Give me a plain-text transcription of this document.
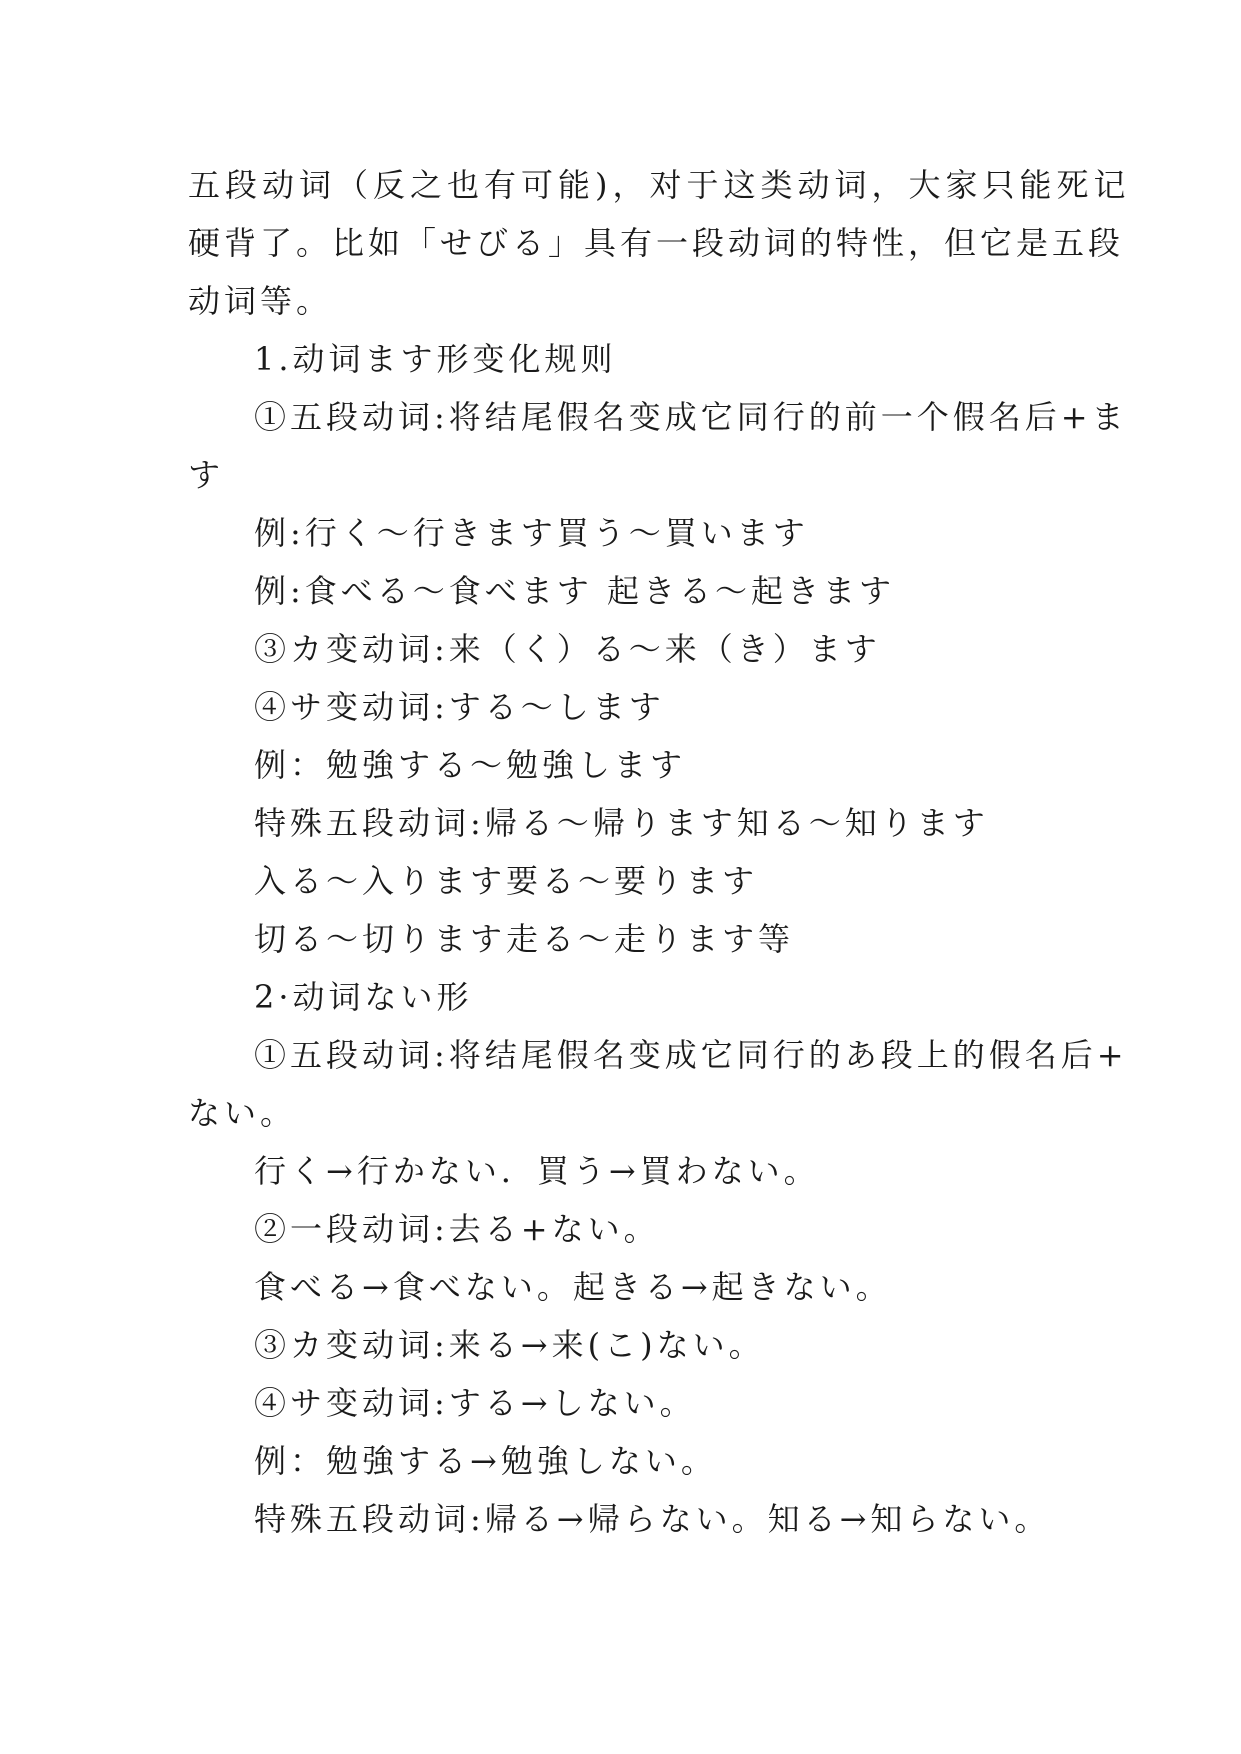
五段动词（反之也有可能)，对于这类动词，大家只能死记
硬背了。比如「せびる」具有一段动词的特性，但它是五段
动词等。
1.动词ます形变化规则
①五段动词:将结尾假名变成它同行的前一个假名后+ま
す
例:行く～行きます買う～買います
例:食べる～食べます 起きる～起きます
③カ变动词:来（く）る～来（き）ます
④サ变动词:する～します
例：勉強する～勉強します
特殊五段动词:帰る～帰ります知る～知ります
入る～入ります要る～要ります
切る～切ります走る～走ります等
2·动词ない形
①五段动词:将结尾假名变成它同行的あ段上的假名后+
ない。
行く→行かない．買う→買わない。
②一段动词:去る+ない。
食べる→食べない。起きる→起きない。
③カ变动词:来る→来(こ)ない。
④サ变动词:する→しない。
例：勉強する→勉強しない。
特殊五段动词:帰る→帰らない。知る→知らない。
